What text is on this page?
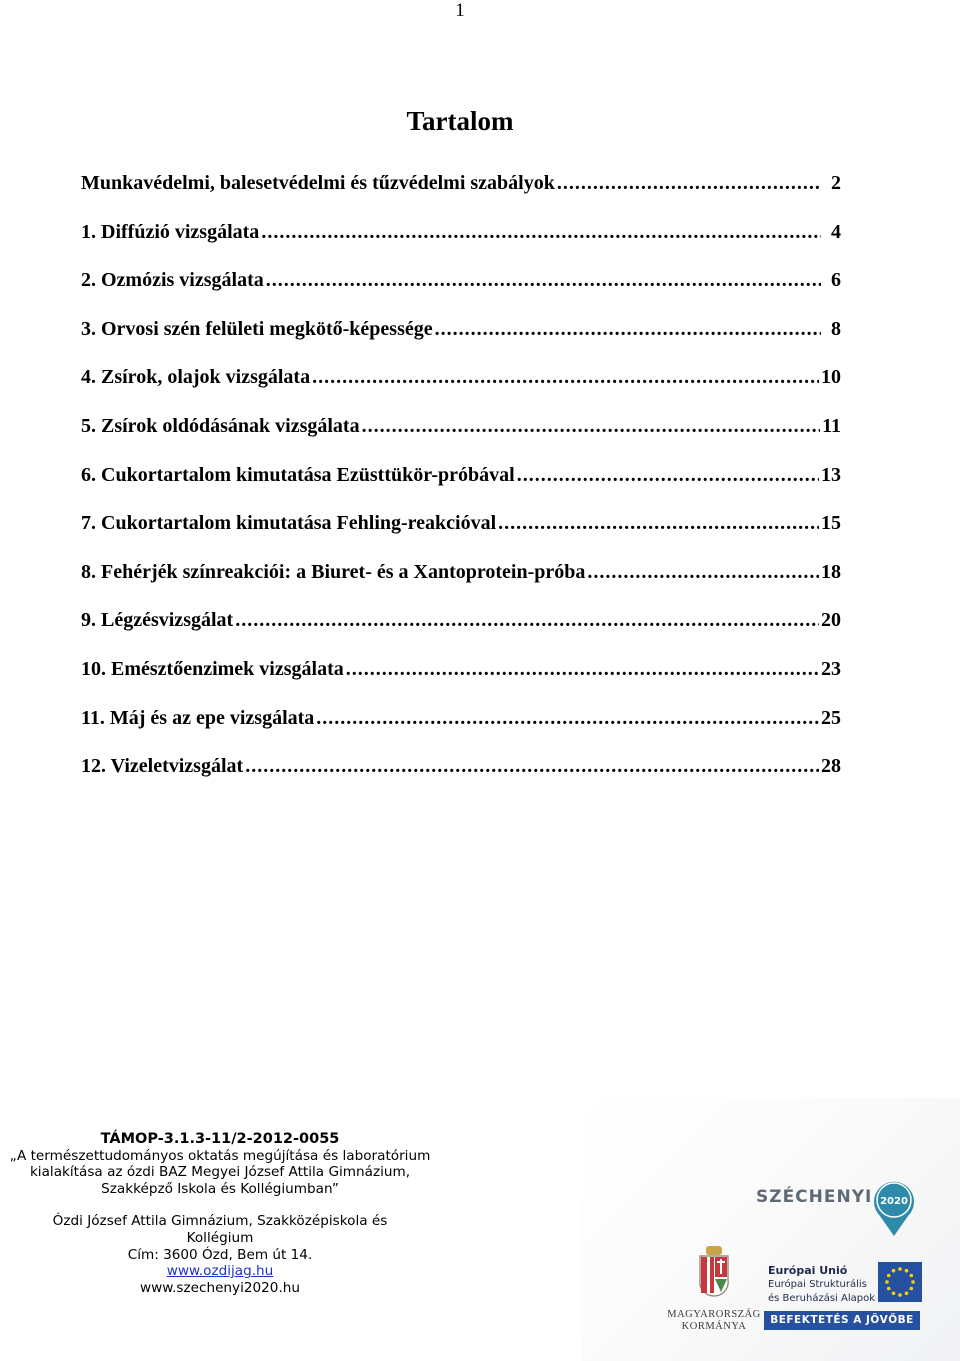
1
Tartalom
Munkavédelmi, balesetvédelmi és tűzvédelmi szabályok .....	2
1. Diffúzió vizsgálata .....	4
2. Ozmózis vizsgálata .....	6
3. Orvosi szén felületi megkötő-képessége .....	8
4. Zsírok, olajok vizsgálata .....	10
5. Zsírok oldódásának vizsgálata .....	11
6. Cukortartalom kimutatása Ezüsttükör-próbával .....	13
7. Cukortartalom kimutatása Fehling-reakcióval .....	15
8. Fehérjék színreakciói: a Biuret- és a Xantoprotein-próba .....	18
9. Légzésvizsgálat .....	20
10. Emésztőenzimek vizsgálata .....	23
11. Máj és az epe vizsgálata .....	25
12. Vizeletvizsgálat .....	28
TÁMOP-3.1.3-11/2-2012-0055
„A természettudományos oktatás megújítása és laboratórium
kialakítása az ózdi BAZ Megyei József Attila Gimnázium,
Szakképző Iskola és Kollégiumban”
Ózdi József Attila Gimnázium, Szakközépiskola és
Kollégium
Cím: 3600 Ózd, Bem út 14.
www.ozdijag.hu
www.szechenyi2020.hu
SZÉCHENYI 2020
MAGYARORSZÁG
KORMÁNYA
Európai Unió
Európai Strukturális
és Beruházási Alapok
BEFEKTETÉS A JÖVŐBE
